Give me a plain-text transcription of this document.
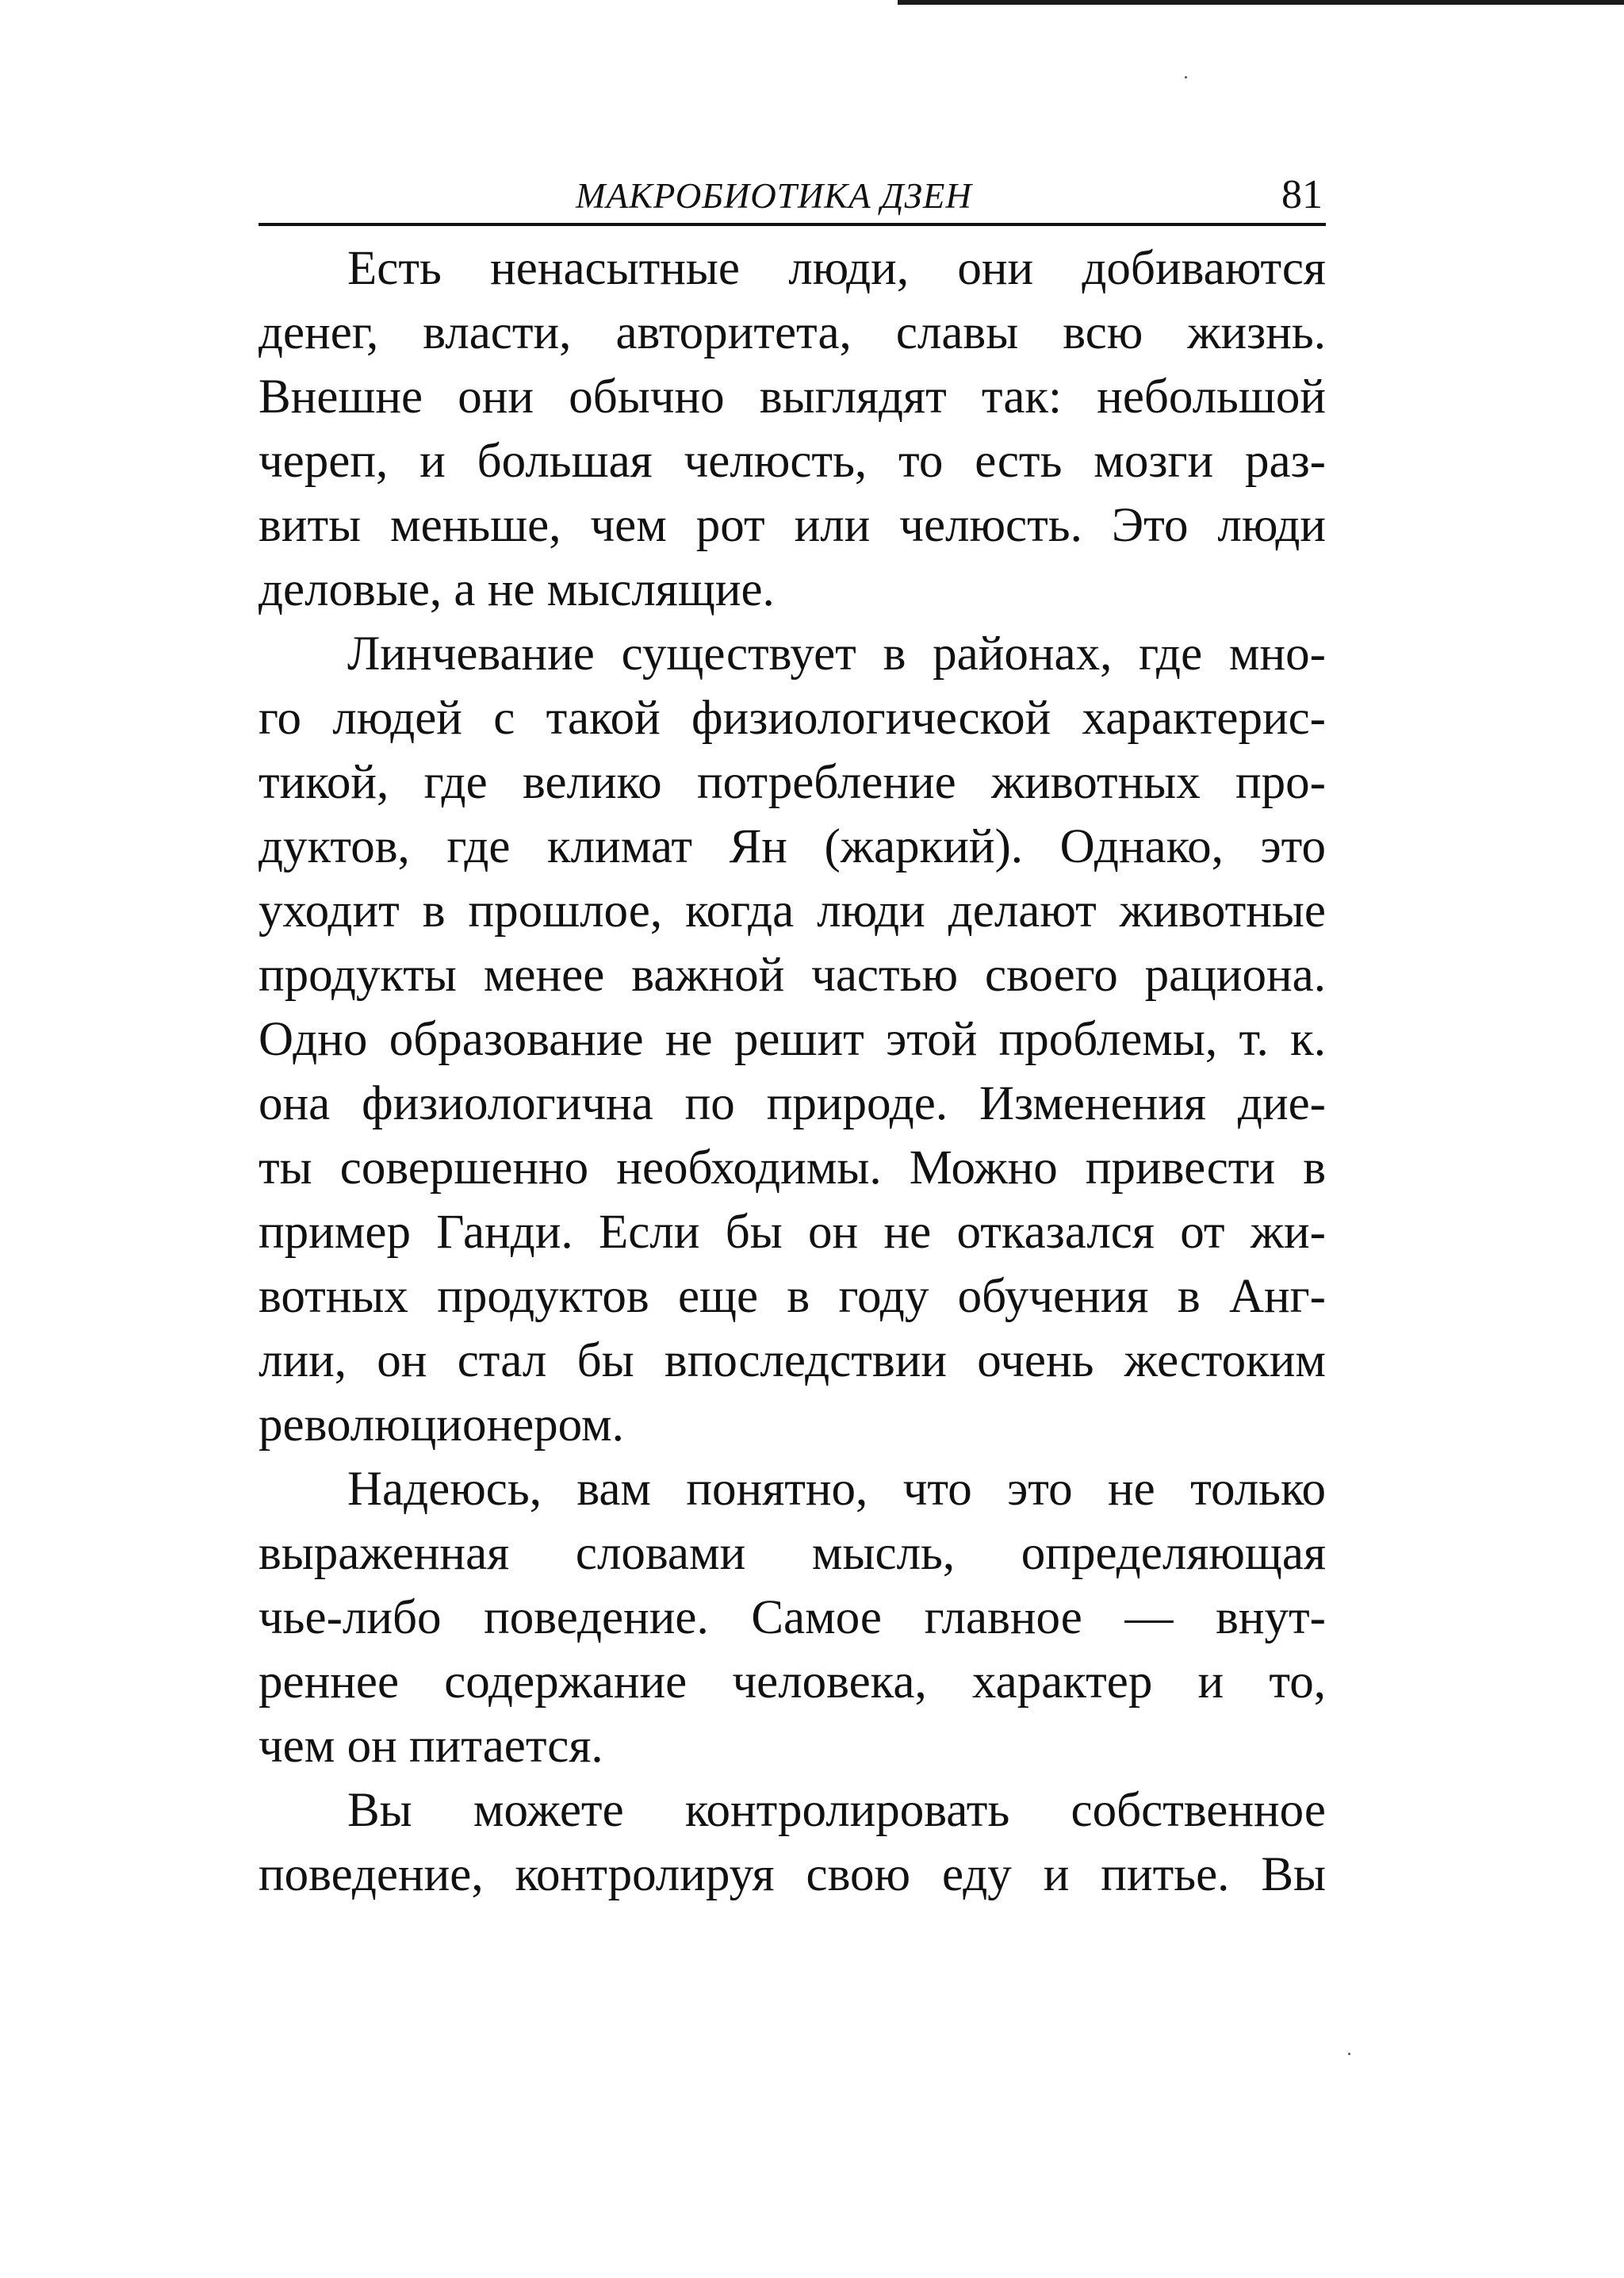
МАКРОБИОТИКА ДЗЕН	81
Есть ненасытные люди, они добиваются
денег, власти, авторитета, славы всю жизнь.
Внешне они обычно выглядят так: небольшой
череп, и большая челюсть, то есть мозги раз-
виты меньше, чем рот или челюсть. Это люди
деловые, а не мыслящие.
Линчевание существует в районах, где мно-
го людей с такой физиологической характерис-
тикой, где велико потребление животных про-
дуктов, где климат Ян (жаркий). Однако, это
уходит в прошлое, когда люди делают животные
продукты менее важной частью своего рациона.
Одно образование не решит этой проблемы, т. к.
она физиологична по природе. Изменения дие-
ты совершенно необходимы. Можно привести в
пример Ганди. Если бы он не отказался от жи-
вотных продуктов еще в году обучения в Анг-
лии, он стал бы впоследствии очень жестоким
революционером.
Надеюсь, вам понятно, что это не только
выраженная словами мысль, определяющая
чье-либо поведение. Самое главное — внут-
реннее содержание человека, характер и то,
чем он питается.
Вы можете контролировать собственное
поведение, контролируя свою еду и питье. Вы
